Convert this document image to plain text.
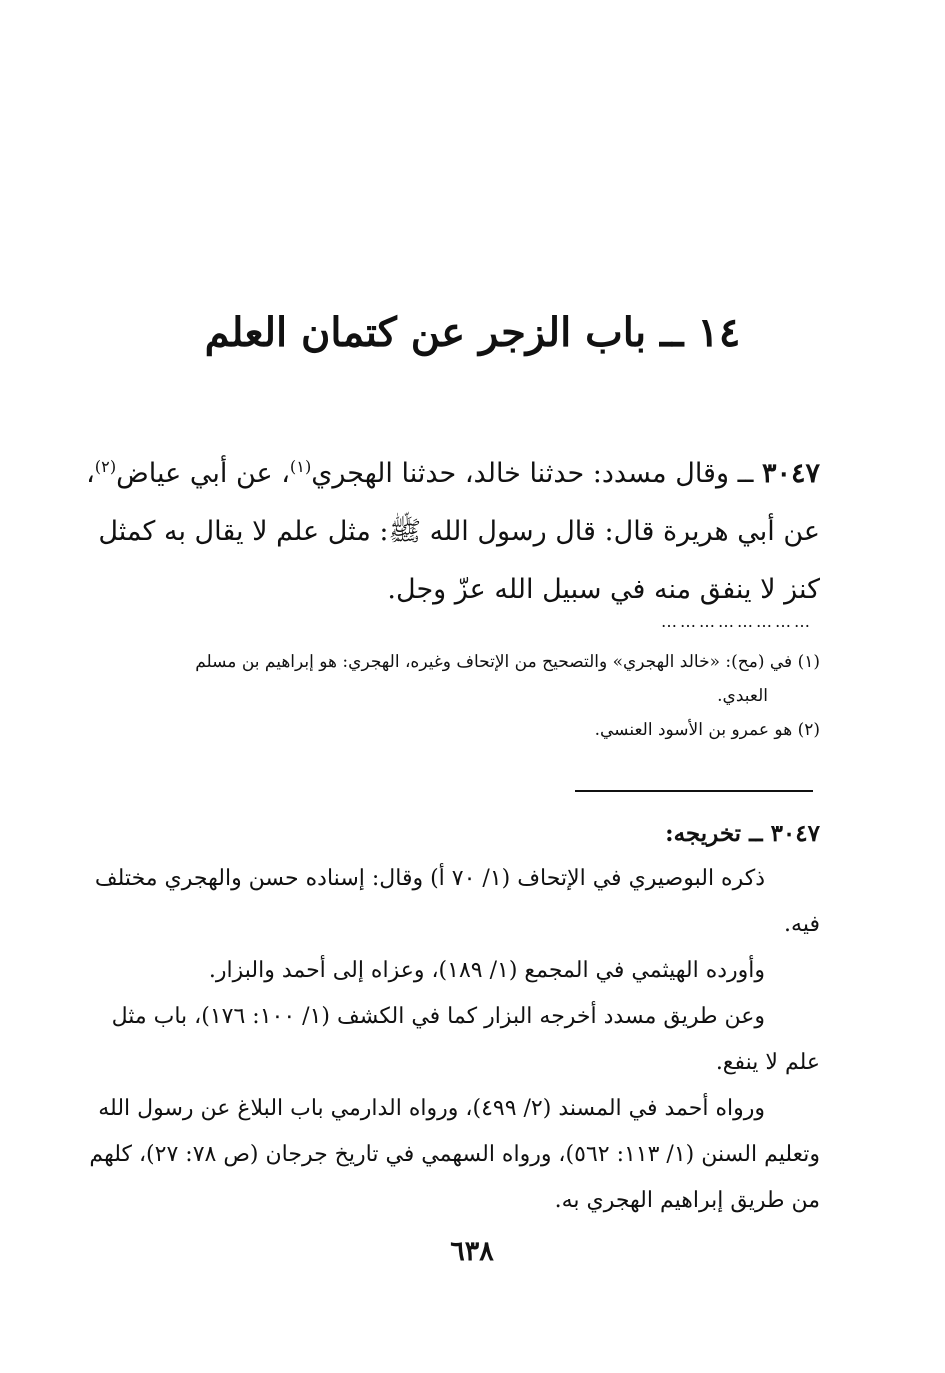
١٤ ــ باب الزجر عن كتمان العلم
٣٠٤٧ ــ وقال مسدد: حدثنا خالد، حدثنا الهجري$^{(١)}$، عن أبي عياض$^{(٢)}$، عن أبي هريرة قال: قال رسول الله ﷺ: مثل علم لا يقال به كمثل كنز لا ينفق منه في سبيل الله عزّ وجل.
……………………

(١) في (مح): «خالد الهجري» والتصحيح من الإتحاف وغيره، الهجري: هو إبراهيم بن مسلم

العبدي.

(٢) هو عمرو بن الأسود العنسي.

٣٠٤٧ ــ تخريجه:

ذكره البوصيري في الإتحاف (١/ ٧٠ أ) وقال: إسناده حسن والهجري مختلف فيه.

وأورده الهيثمي في المجمع (١/ ١٨٩)، وعزاه إلى أحمد والبزار.

وعن طريق مسدد أخرجه البزار كما في الكشف (١/ ١٠٠: ١٧٦)، باب مثل علم لا ينفع.

ورواه أحمد في المسند (٢/ ٤٩٩)، ورواه الدارمي باب البلاغ عن رسول الله وتعليم السنن (١/ ١١٣: ٥٦٢)، ورواه السهمي في تاريخ جرجان (ص ٧٨: ٢٧)، كلهم من طريق إبراهيم الهجري به.

٦٣٨
